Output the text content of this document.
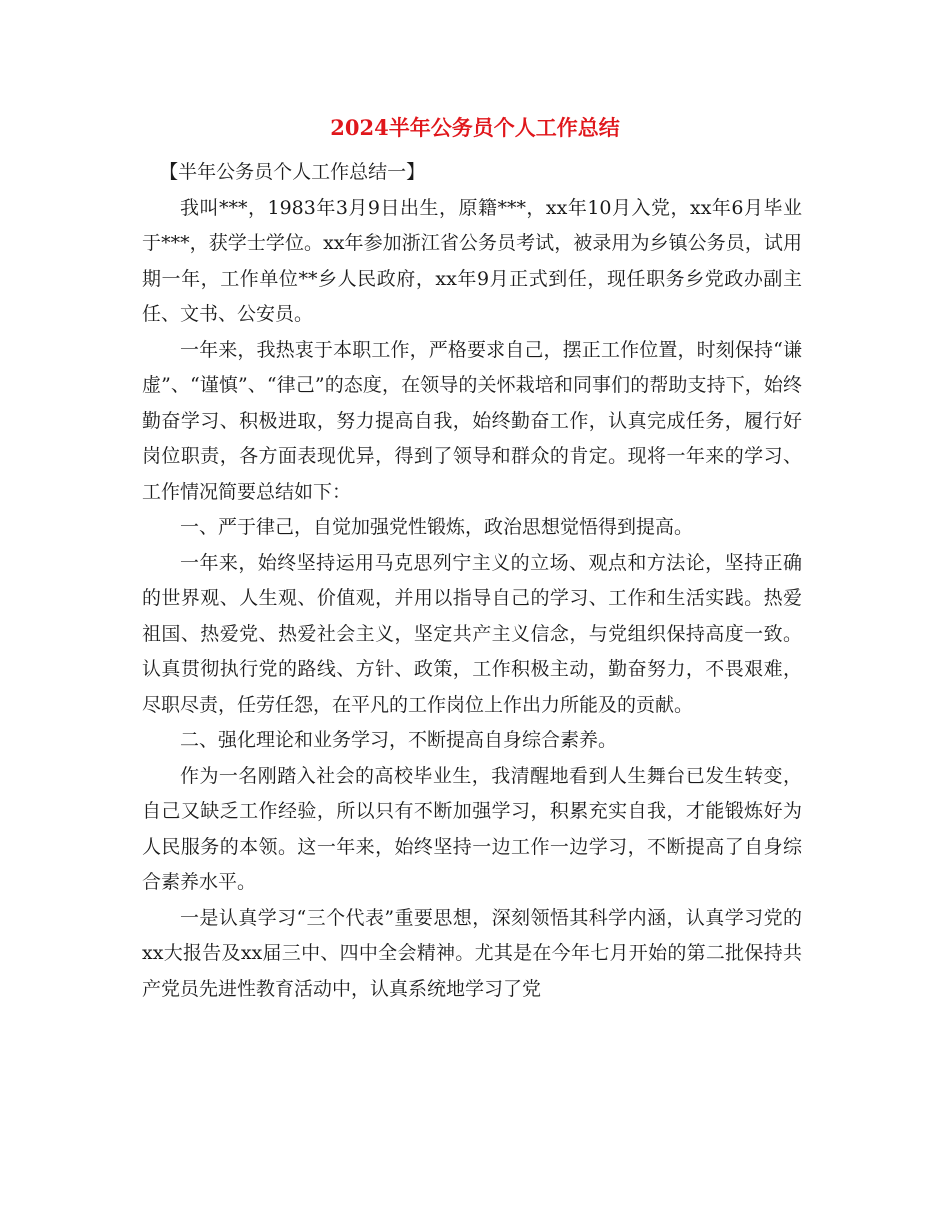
2024半年公务员个人工作总结

【半年公务员个人工作总结一】

我叫***，1983年3月9日出生，原籍***，xx年10月入党，xx年6月毕业于***，获学士学位。xx年参加浙江省公务员考试，被录用为乡镇公务员，试用期一年，工作单位**乡人民政府，xx年9月正式到任，现任职务乡党政办副主任、文书、公安员。

一年来，我热衷于本职工作，严格要求自己，摆正工作位置，时刻保持“谦虚”、“谨慎”、“律己”的态度，在领导的关怀栽培和同事们的帮助支持下，始终勤奋学习、积极进取，努力提高自我，始终勤奋工作，认真完成任务，履行好岗位职责，各方面表现优异，得到了领导和群众的肯定。现将一年来的学习、工作情况简要总结如下：

一、严于律己，自觉加强党性锻炼，政治思想觉悟得到提高。

一年来，始终坚持运用马克思列宁主义的立场、观点和方法论，坚持正确的世界观、人生观、价值观，并用以指导自己的学习、工作和生活实践。热爱祖国、热爱党、热爱社会主义，坚定共产主义信念，与党组织保持高度一致。认真贯彻执行党的路线、方针、政策，工作积极主动，勤奋努力，不畏艰难，尽职尽责，任劳任怨，在平凡的工作岗位上作出力所能及的贡献。

二、强化理论和业务学习，不断提高自身综合素养。

作为一名刚踏入社会的高校毕业生，我清醒地看到人生舞台已发生转变，自己又缺乏工作经验，所以只有不断加强学习，积累充实自我，才能锻炼好为人民服务的本领。这一年来，始终坚持一边工作一边学习，不断提高了自身综合素养水平。

一是认真学习“三个代表”重要思想，深刻领悟其科学内涵，认真学习党的xx大报告及xx届三中、四中全会精神。尤其是在今年七月开始的第二批保持共产党员先进性教育活动中，认真系统地学习了党
